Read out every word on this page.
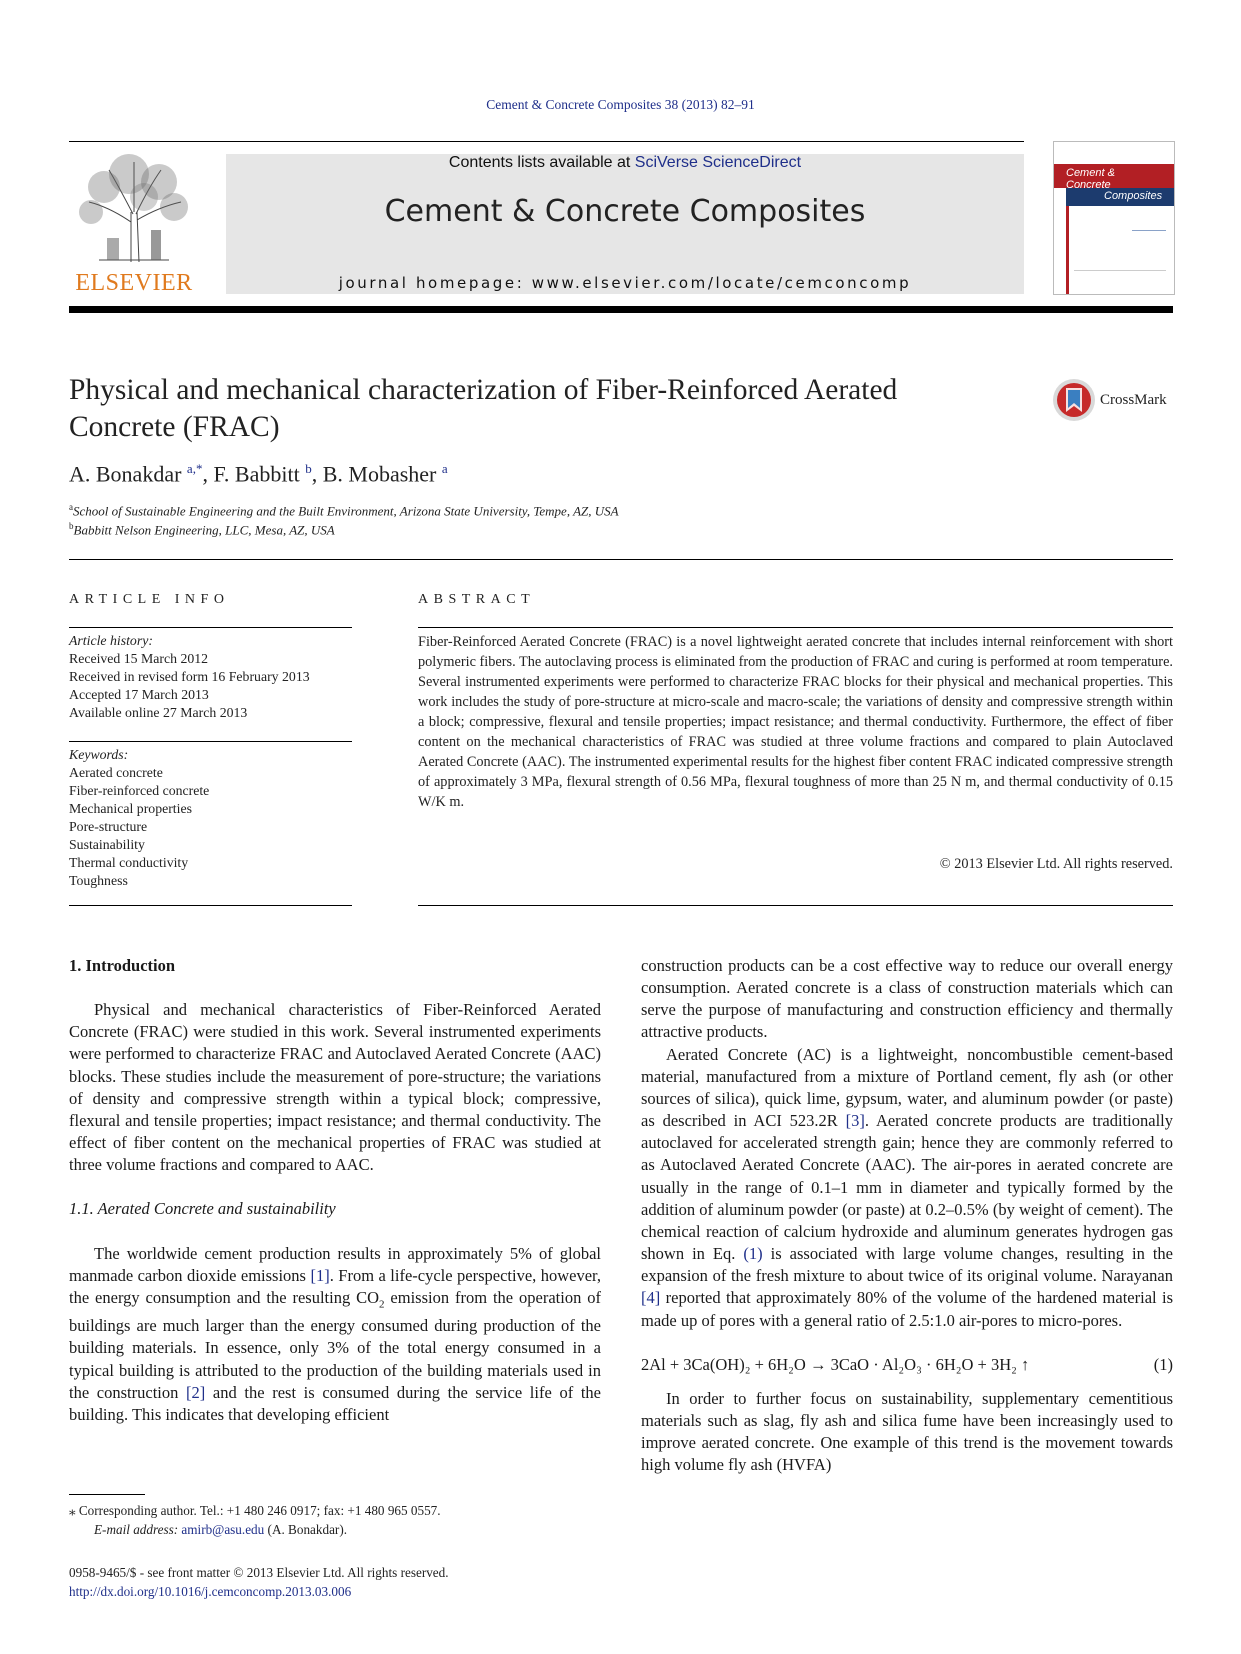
Cement & Concrete Composites 38 (2013) 82–91
ELSEVIER
Contents lists available at SciVerse ScienceDirect
Cement & Concrete Composites
journal homepage: www.elsevier.com/locate/cemconcomp
Cement &
Concrete
Composites
Physical and mechanical characterization of Fiber-Reinforced Aerated
Concrete (FRAC)
CrossMark
A. Bonakdar $^{a,*}$, F. Babbitt $^b$, B. Mobasher $^a$
$^a$School of Sustainable Engineering and the Built Environment, Arizona State University, Tempe, AZ, USA
$^b$Babbitt Nelson Engineering, LLC, Mesa, AZ, USA
ARTICLE INFO
Article history:
Received 15 March 2012
Received in revised form 16 February 2013
Accepted 17 March 2013
Available online 27 March 2013
Keywords:
Aerated concrete
Fiber-reinforced concrete
Mechanical properties
Pore-structure
Sustainability
Thermal conductivity
Toughness
ABSTRACT
Fiber-Reinforced Aerated Concrete (FRAC) is a novel lightweight aerated concrete that includes internal reinforcement with short polymeric fibers. The autoclaving process is eliminated from the production of FRAC and curing is performed at room temperature. Several instrumented experiments were performed to characterize FRAC blocks for their physical and mechanical properties. This work includes the study of pore-structure at micro-scale and macro-scale; the variations of density and compressive strength within a block; compressive, flexural and tensile properties; impact resistance; and thermal conductivity. Furthermore, the effect of fiber content on the mechanical characteristics of FRAC was studied at three volume fractions and compared to plain Autoclaved Aerated Concrete (AAC). The instrumented experimental results for the highest fiber content FRAC indicated compressive strength of approximately 3 MPa, flexural strength of 0.56 MPa, flexural toughness of more than 25 N m, and thermal conductivity of 0.15 W/K m.
© 2013 Elsevier Ltd. All rights reserved.

1. Introduction

Physical and mechanical characteristics of Fiber-Reinforced Aerated Concrete (FRAC) were studied in this work. Several instrumented experiments were performed to characterize FRAC and Autoclaved Aerated Concrete (AAC) blocks. These studies include the measurement of pore-structure; the variations of density and compressive strength within a typical block; compressive, flexural and tensile properties; impact resistance; and thermal conductivity. The effect of fiber content on the mechanical properties of FRAC was studied at three volume fractions and compared to AAC.

1.1. Aerated Concrete and sustainability

The worldwide cement production results in approximately 5% of global manmade carbon dioxide emissions [1]. From a life-cycle perspective, however, the energy consumption and the resulting $CO_2$ emission from the operation of buildings are much larger than the energy consumed during production of the building materials. In essence, only 3% of the total energy consumed in a typical building is attributed to the production of the building materials used in the construction [2] and the rest is consumed during the service life of the building. This indicates that developing efficient

construction products can be a cost effective way to reduce our overall energy consumption. Aerated concrete is a class of construction materials which can serve the purpose of manufacturing and construction efficiency and thermally attractive products.

Aerated Concrete (AC) is a lightweight, noncombustible cement-based material, manufactured from a mixture of Portland cement, fly ash (or other sources of silica), quick lime, gypsum, water, and aluminum powder (or paste) as described in ACI 523.2R [3]. Aerated concrete products are traditionally autoclaved for accelerated strength gain; hence they are commonly referred to as Autoclaved Aerated Concrete (AAC). The air-pores in aerated concrete are usually in the range of 0.1–1 mm in diameter and typically formed by the addition of aluminum powder (or paste) at 0.2–0.5% (by weight of cement). The chemical reaction of calcium hydroxide and aluminum generates hydrogen gas shown in Eq. (1) is associated with large volume changes, resulting in the expansion of the fresh mixture to about twice of its original volume. Narayanan [4] reported that approximately 80% of the volume of the hardened material is made up of pores with a general ratio of 2.5:1.0 air-pores to micro-pores.

2Al + 3Ca(OH)₂ + 6H₂O → 3CaO · Al₂O₃ · 6H₂O + 3H₂ ↑	(1)

In order to further focus on sustainability, supplementary cementitious materials such as slag, fly ash and silica fume have been increasingly used to improve aerated concrete. One example of this trend is the movement towards high volume fly ash (HVFA)

⁎ Corresponding author. Tel.: +1 480 246 0917; fax: +1 480 965 0557.
E-mail address: amirb@asu.edu (A. Bonakdar).
0958-9465/$ - see front matter © 2013 Elsevier Ltd. All rights reserved.
http://dx.doi.org/10.1016/j.cemconcomp.2013.03.006
